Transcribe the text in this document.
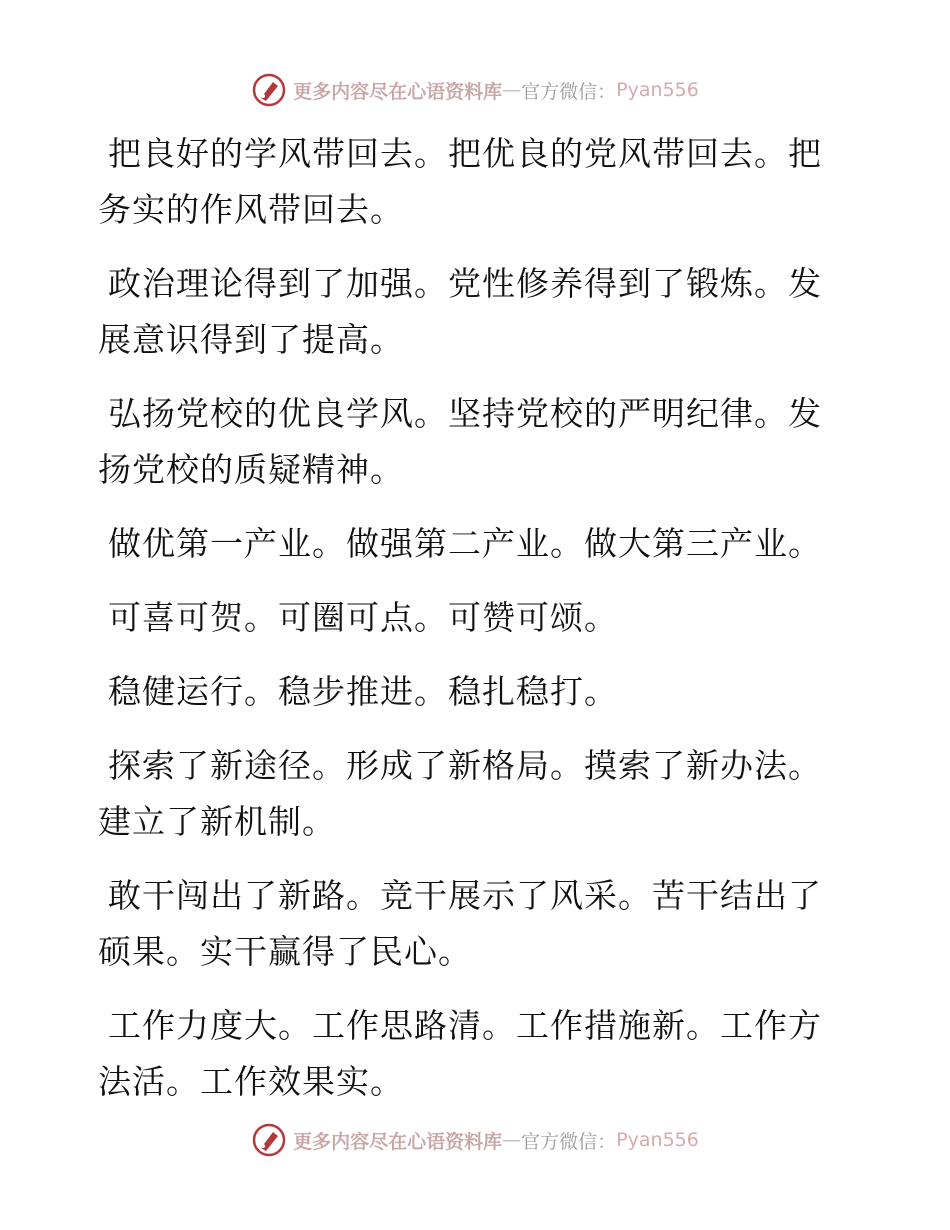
更多内容尽在心语资料库 — 官方微信： Pyan556

把良好的学风带回去。把优良的党风带回去。把务实的作风带回去。

政治理论得到了加强。党性修养得到了锻炼。发展意识得到了提高。

弘扬党校的优良学风。坚持党校的严明纪律。发扬党校的质疑精神。

做优第一产业。做强第二产业。做大第三产业。

可喜可贺。可圈可点。可赞可颂。

稳健运行。稳步推进。稳扎稳打。

探索了新途径。形成了新格局。摸索了新办法。建立了新机制。

敢干闯出了新路。竞干展示了风采。苦干结出了硕果。实干赢得了民心。

工作力度大。工作思路清。工作措施新。工作方法活。工作效果实。

更多内容尽在心语资料库 — 官方微信： Pyan556
